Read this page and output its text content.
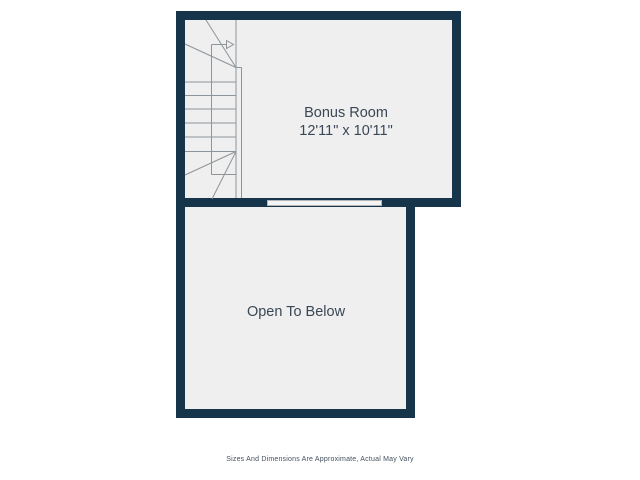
Bonus Room
12'11" x 10'11"
Open To Below
Sizes And Dimensions Are Approximate, Actual May Vary
